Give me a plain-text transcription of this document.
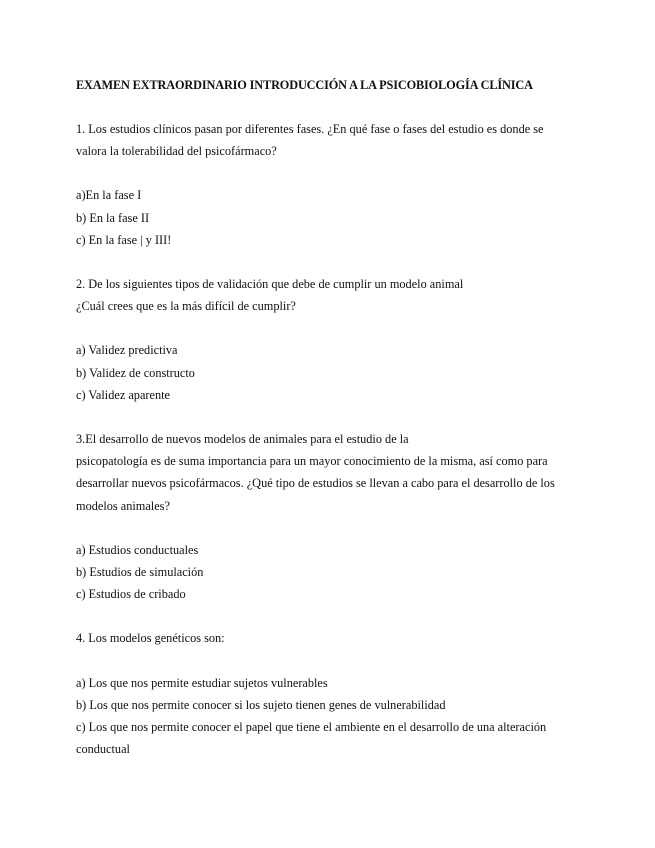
EXAMEN EXTRAORDINARIO INTRODUCCIÓN A LA PSICOBIOLOGÍA CLÍNICA
1. Los estudios clínicos pasan por diferentes fases. ¿En qué fase o fases del estudio es donde se
valora la tolerabilidad del psicofármaco?
a)En la fase I
b) En la fase II
c) En la fase | y III!
2. De los siguientes tipos de validación que debe de cumplir un modelo animal
¿Cuál crees que es la más difícil de cumplir?
a) Validez predictiva
b) Validez de constructo
c) Validez aparente
3.El desarrollo de nuevos modelos de animales para el estudio de la
psicopatología es de suma importancia para un mayor conocimiento de la misma, así como para
desarrollar nuevos psicofármacos. ¿Qué tipo de estudios se llevan a cabo para el desarrollo de los
modelos animales?
a) Estudios conductuales
b) Estudios de simulación
c) Estudios de cribado
4. Los modelos genéticos son:
a) Los que nos permite estudiar sujetos vulnerables
b) Los que nos permite conocer si los sujeto tienen genes de vulnerabilidad
c) Los que nos permite conocer el papel que tiene el ambiente en el desarrollo de una alteración
conductual
